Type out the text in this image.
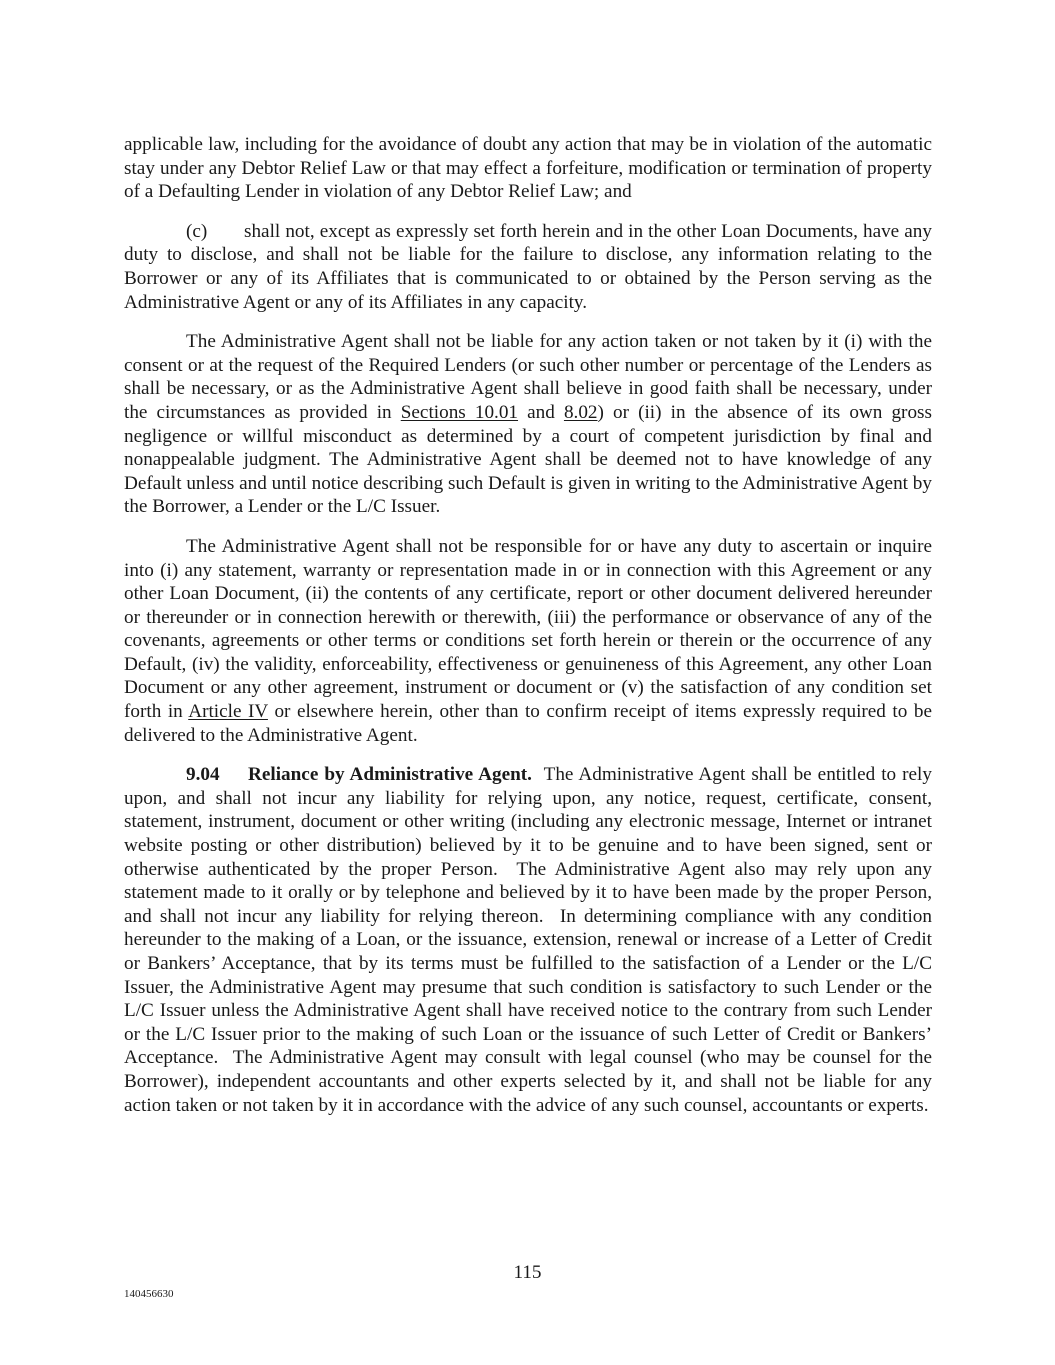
applicable law, including for the avoidance of doubt any action that may be in violation of the automatic stay under any Debtor Relief Law or that may effect a forfeiture, modification or termination of property of a Defaulting Lender in violation of any Debtor Relief Law; and

(c) shall not, except as expressly set forth herein and in the other Loan Documents, have any duty to disclose, and shall not be liable for the failure to disclose, any information relating to the Borrower or any of its Affiliates that is communicated to or obtained by the Person serving as the Administrative Agent or any of its Affiliates in any capacity.

The Administrative Agent shall not be liable for any action taken or not taken by it (i) with the consent or at the request of the Required Lenders (or such other number or percentage of the Lenders as shall be necessary, or as the Administrative Agent shall believe in good faith shall be necessary, under the circumstances as provided in Sections 10.01 and 8.02) or (ii) in the absence of its own gross negligence or willful misconduct as determined by a court of competent jurisdiction by final and nonappealable judgment. The Administrative Agent shall be deemed not to have knowledge of any Default unless and until notice describing such Default is given in writing to the Administrative Agent by the Borrower, a Lender or the L/C Issuer.

The Administrative Agent shall not be responsible for or have any duty to ascertain or inquire into (i) any statement, warranty or representation made in or in connection with this Agreement or any other Loan Document, (ii) the contents of any certificate, report or other document delivered hereunder or thereunder or in connection herewith or therewith, (iii) the performance or observance of any of the covenants, agreements or other terms or conditions set forth herein or therein or the occurrence of any Default, (iv) the validity, enforceability, effectiveness or genuineness of this Agreement, any other Loan Document or any other agreement, instrument or document or (v) the satisfaction of any condition set forth in Article IV or elsewhere herein, other than to confirm receipt of items expressly required to be delivered to the Administrative Agent.

9.04 Reliance by Administrative Agent.  The Administrative Agent shall be entitled to rely upon, and shall not incur any liability for relying upon, any notice, request, certificate, consent, statement, instrument, document or other writing (including any electronic message, Internet or intranet website posting or other distribution) believed by it to be genuine and to have been signed, sent or otherwise authenticated by the proper Person.  The Administrative Agent also may rely upon any statement made to it orally or by telephone and believed by it to have been made by the proper Person, and shall not incur any liability for relying thereon.  In determining compliance with any condition hereunder to the making of a Loan, or the issuance, extension, renewal or increase of a Letter of Credit or Bankers’ Acceptance, that by its terms must be fulfilled to the satisfaction of a Lender or the L/C Issuer, the Administrative Agent may presume that such condition is satisfactory to such Lender or the L/C Issuer unless the Administrative Agent shall have received notice to the contrary from such Lender or the L/C Issuer prior to the making of such Loan or the issuance of such Letter of Credit or Bankers’ Acceptance.  The Administrative Agent may consult with legal counsel (who may be counsel for the Borrower), independent accountants and other experts selected by it, and shall not be liable for any action taken or not taken by it in accordance with the advice of any such counsel, accountants or experts.

115
140456630
